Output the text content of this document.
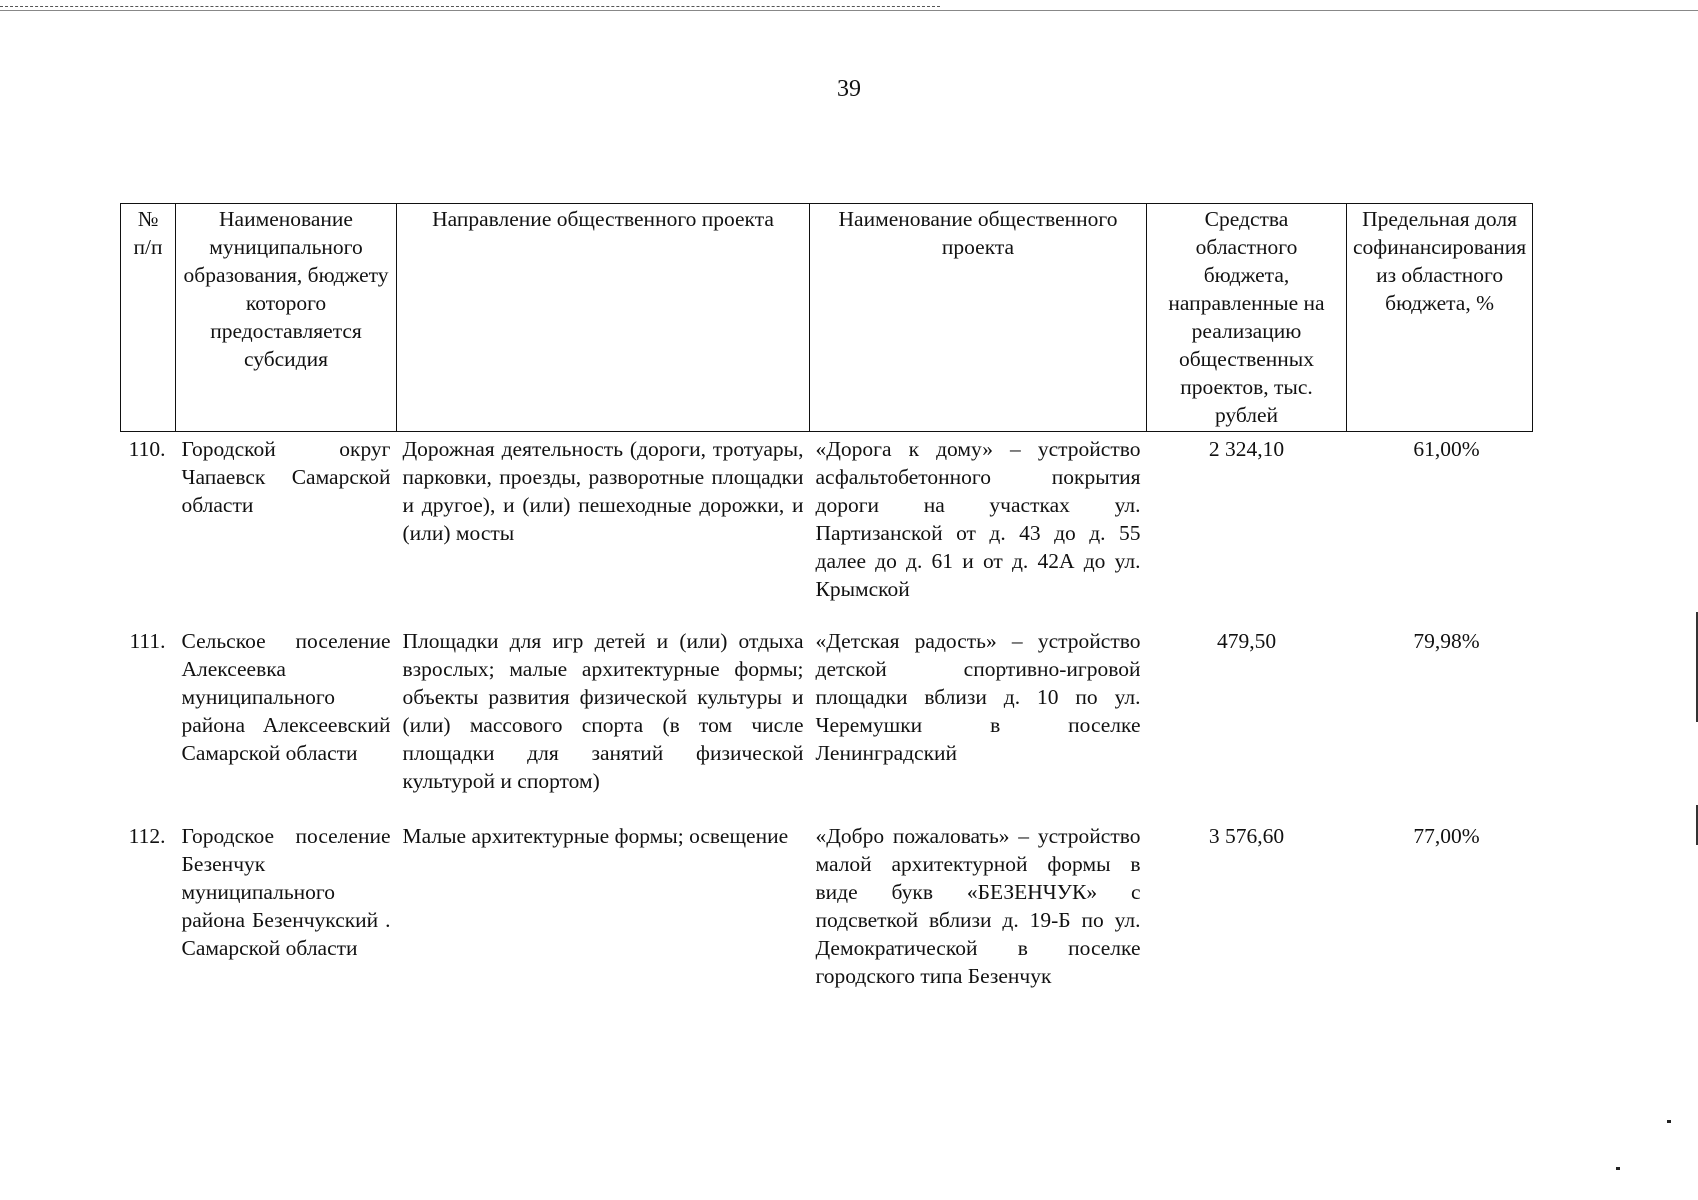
39
№ п/п	Наименование муниципального образования, бюджету которого предоставляется субсидия	Направление общественного проекта	Наименование общественного проекта	Средства областного бюджета, направленные на реализацию общественных проектов, тыс. рублей	Предельная доля софинансирования из областного бюджета, %
110.	Городской округ Чапаевск Самарской области	Дорожная деятельность (дороги, тротуары, парковки, проезды, разворотные площадки и другое), и (или) пешеходные дорожки, и (или) мосты	«Дорога к дому» – устройство асфальтобетонного покрытия дороги на участках ул. Партизанской от д. 43 до д. 55 далее до д. 61 и от д. 42А до ул. Крымской	2 324,10	61,00%
111.	Сельское поселение Алексеевка муниципального района Алексеевский Самарской области	Площадки для игр детей и (или) отдыха взрослых; малые архитектурные формы; объекты развития физической культуры и (или) массового спорта (в том числе площадки для занятий физической культурой и спортом)	«Детская радость» – устройство детской спортивно-игровой площадки вблизи д. 10 по ул. Черемушки в поселке Ленинградский	479,50	79,98%
112.	Городское поселение Безенчук муниципального района Безенчукский . Самарской области	Малые архитектурные формы; освещение	«Добро пожаловать» – устройство малой архитектурной формы в виде букв «БЕЗЕНЧУК» с подсветкой вблизи д. 19-Б по ул. Демократической в поселке городского типа Безенчук	3 576,60	77,00%
